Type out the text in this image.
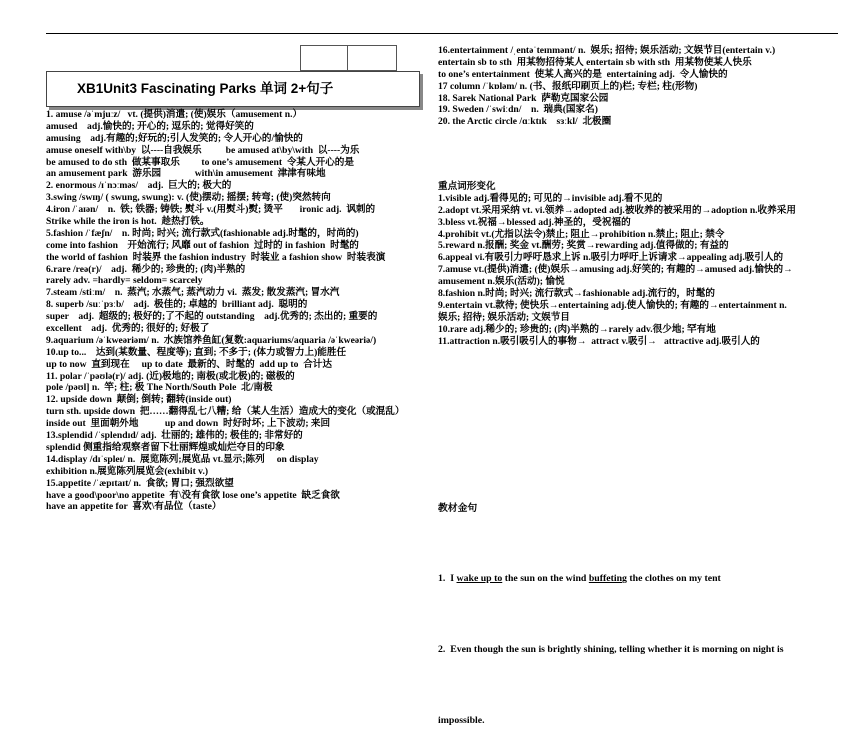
XB1Unit3 Fascinating Parks 单词 2+句子
1. amuse /əˈmjuːz/   vt. (提供)消遣; (使)娱乐（amusement n.）
amused    adj.愉快的; 开心的; 逗乐的; 觉得好笑的
amusing    adj.有趣的;好玩的;引人发笑的; 令人开心的/愉快的
amuse oneself with\by  以----自我娱乐          be amused at\by\with  以----为乐
be amused to do sth  做某事取乐         to one’s amusement  令某人开心的是
an amusement park  游乐园              with\in amusement  津津有味地
2. enormous /ɪˈnɔːməs/    adj.  巨大的; 极大的
3.swing /swɪŋ/ ( swung, swung): v. (使)摆动; 摇摆; 转弯; (使)突然转向
4.iron /ˈaɪən/    n.  铁; 铁器; 铸铁; 熨斗 v.(用熨斗)熨; 烫平       ironic adj.  讽刺的
Strike while the iron is hot.  趁热打铁。
5.fashion /ˈfæʃn/    n. 时尚; 时兴; 流行款式(fashionable adj.时髦的，时尚的)
come into fashion    开始流行; 风靡 out of fashion  过时的 in fashion  时髦的
the world of fashion  时装界 the fashion industry  时装业 a fashion show  时装表演
6.rare /reə(r)/    adj.  稀少的; 珍贵的; (肉)半熟的
rarely adv. =hardly= seldom= scarcely
7.steam /stiːm/    n.  蒸汽; 水蒸气; 蒸汽动力 vi.  蒸发; 散发蒸汽; 冒水汽
8. superb /suːˈpɜːb/    adj.  极佳的; 卓越的  brilliant adj.  聪明的
super    adj.  超级的; 极好的;了不起的 outstanding    adj.优秀的; 杰出的; 重要的
excellent    adj.  优秀的; 很好的; 好极了
9.aquarium /əˈkweəriəm/ n.  水族馆养鱼缸(复数:aquariums/aquaria /əˈkweəriə/)
10.up to...    达到(某数量、程度等); 直到; 不多于; (体力或智力上)能胜任
up to now  直到现在     up to date  最新的、时髦的  add up to  合计达
11. polar /ˈpəʊlə(r)/ adj. (近)极地的; 南极(或北极)的; 磁极的
pole /pəʊl] n.  竿; 柱; 极 The North/South Pole  北/南极
12. upside down  颠倒; 倒转; 翻转(inside out)
turn sth. upside down  把……翻得乱七八糟; 给（某人生活）造成大的变化（或混乱）
inside out  里面朝外地           up and down  时好时坏; 上下波动; 来回
13.splendid /ˈsplendɪd/ adj.  壮丽的; 雄伟的; 极佳的; 非常好的
splendid 侧重指给观察者留下壮丽辉煌或灿烂夺目的印象
14.display /dɪˈspleɪ/ n.  展览陈列;展览品 vt.显示;陈列     on display
exhibition n.展览陈列展览会(exhibit v.)
15.appetite /ˈæpɪtaɪt/ n.  食欲; 胃口; 强烈欲望
have a good\poor\no appetite  有\没有食欲 lose one’s appetite  缺乏食欲
have an appetite for  喜欢\有品位（taste）
16.entertainment /ˌentəˈteɪnmənt/ n.  娱乐; 招待; 娱乐活动; 文娱节目(entertain v.)
entertain sb to sth  用某物招待某人 entertain sb with sth  用某物使某人快乐
to one’s entertainment  使某人高兴的是  entertaining adj.  令人愉快的
17 column /ˈkɒləm/ n. (书、报纸印刷页上的)栏; 专栏; 柱(形物)
18. Sarek National Park  萨勒克国家公园
19. Sweden /ˈswiːdn/    n.  瑞典(国家名)
20. the Arctic circle /ɑːktɪk    sɜːkl/  北极圈
重点词形变化
1.visible adj.看得见的; 可见的→invisible adj.看不见的
2.adopt vt.采用采纳 vt. vi.领养→adopted adj.被收养的被采用的→adoption n.收养采用
3.bless vt.祝福→blessed adj.神圣的，受祝福的
4.prohibit vt.(尤指以法令)禁止; 阻止→prohibition n.禁止; 阻止; 禁令
5.reward n.报酬; 奖金 vt.酬劳; 奖赏→rewarding adj.值得做的; 有益的
6.appeal vi.有吸引力呼吁恳求上诉 n.吸引力呼吁上诉请求→appealing adj.吸引人的
7.amuse vt.(提供)消遣; (使)娱乐→amusing adj.好笑的; 有趣的→amused adj.愉快的→
amusement n.娱乐(活动); 愉悦
8.fashion n.时尚; 时兴; 流行款式→fashionable adj.流行的，时髦的
9.entertain vt.款待; 使快乐→entertaining adj.使人愉快的; 有趣的→entertainment n.
娱乐; 招待; 娱乐活动; 文娱节目
10.rare adj.稀少的; 珍贵的; (肉)半熟的→rarely adv.很少地; 罕有地
11.attraction n.吸引吸引人的事物→  attract v.吸引→   attractive adj.吸引人的

教材金句

1.  I wake up to the sun on the wind buffeting the clothes on my tent

2.  Even though the sun is brightly shining, telling whether it is morning on night is

impossible.
